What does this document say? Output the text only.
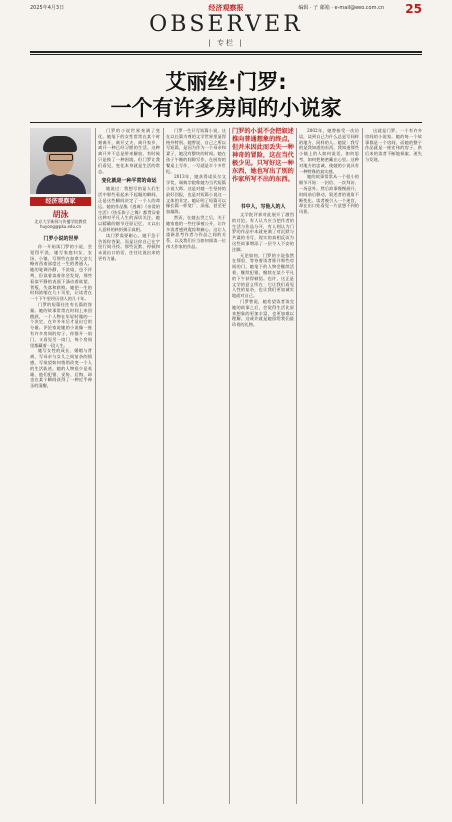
2025年4月3日	编辑 · 子 邮箱 · e-mail@eeo.com.cn 25
经济观察报
OBSERVER
| 专栏 |
艾丽丝·门罗:
一个有许多房间的小说家
经济观察家
胡泳
北京大学新闻与传播学院教授
huyong@pku.edu.cn
门罗的小说不会把叙述推向普通想象的终点，但并未因此而丢失一种神奇的冒险，这在当代极少见。只写好这一种东西，她也写出了别的作家所写不出的东西。
门罗小说的世界

你一开始读门罗的小说，会觉得平淡，她写家庭妇女、农场、小镇，写那些在加拿大安大略省西南部度过一生的普通人。她的笔调冷静，不渲染，也不评判，但读着读着你会发现，那些看似平静的表面下涌动着欲望、背叛、失落和救赎。她把一生的时间浓缩在几十页里，让读者在一个下午里经历别人的几十年。

门罗的短篇往往有长篇的容量。她的故事常常在时间上来回跳跃，一个人物在年轻时做的一个决定，在许多年后才显出它的分量。评论家说她的小说像一座有许多房间的房子，你推开一扇门，又看见另一扇门，每个房间里都藏着一段人生。

她写女性的成长、婚姻与背离，写母亲与女儿之间复杂的情感，写欲望如何悄悄改变一个人的生活轨迹。她的人物很少是英雄，他们犯错、妥协、后悔，却也在某个瞬间获得了一种近乎神圣的清醒。

门罗的小说世界充满了变化。她笔下的女性常常在某个时刻离开，离开丈夫、离开家乡、离开一种已经习惯的生活。这种离开并不总是带来解放，有时候只是换了一种困境。但门罗让我们看见，变化本身就是生活的常态。

变化就是一种平常的命运

她说过：我想写的是人们生活中那些看起来不起眼的瞬间，正是这些瞬间决定了一个人的命运。她的作品集《逃离》《亲爱的生活》《快乐影子之舞》都贯穿着这种对平凡人生的深切关注。她以精确的细节还原记忆，又以出人意料的转折揭示真相。

读门罗需要耐心。她不急于告诉你答案，而是让你自己在字里行间寻找。那些沉默、停顿和未说出口的话，往往比说出来的更有力量。

门罗一生只写短篇小说，这在以长篇为尊的文学世界里显得格外特别。她曾说，自己之所以写短篇，是因为作为一个母亲和妻子，她没有整块的时间。她在孩子午睡的间隙写作，在厨房的餐桌上写作，一写就是半个多世纪。

2013年，她获得诺贝尔文学奖，瑞典学院称她为当代短篇小说大师。这是对她一生坚持的最好回报，也是对短篇小说这一文体的肯定。她证明了短篇可以像长篇一样宽广、深邃，甚至更加凝练。

然而，在她去世之后，关于她家庭的一些往事被公开，让许多读者感到震惊和痛心。这让人重新思考作者与作品之间的关系，以及我们应当如何阅读一位伟大作家的作品。

书中人，写他人的人

文学批评界对此展开了激烈的讨论。有人认为应当把作者的生活与作品分开，有人则认为门罗的作品中本就充满了对沉默与共谋的书写，现实的真相反而为这些故事增添了一层令人不安的注脚。

无论如何，门罗的小说依然在那里，等待着读者推开那些房间的门。她笔下的人物会继续活着，继续犯错，继续在某个平凡的下午获得顿悟。也许，这正是文学的意义所在：它让我们看见人性的复杂，也让我们更加诚实地面对自己。

门罗曾说，她希望读者读完她的故事之后，会觉得生活比原来想象的更加丰富，也更加难以理解。这或许就是她留给我们最珍贵的礼物。

2002年，她曾接受一次访谈，谈到自己为什么总是写同样的地方、同样的人。她说：我写的是我知道的东西，我知道那些小镇上的人如何说话，如何思考，如何把秘密藏在心里。这种对地方的忠诚，使她的小说具有一种特殊的真实感。

她的故事常常从一个很小的细节开始：一封信、一次拜访、一场意外。然后故事慢慢展开，时间前后移动，叙述者的视角不断变化。读者被引入一个迷宫，却在出口处看见一片意想不到的风景。

这就是门罗，一个有许多房间的小说家。她的每一个故事都是一个房间，而她的整个作品就是一座宏伟的房子，供后来的读者不断地探索、迷失与发现。
